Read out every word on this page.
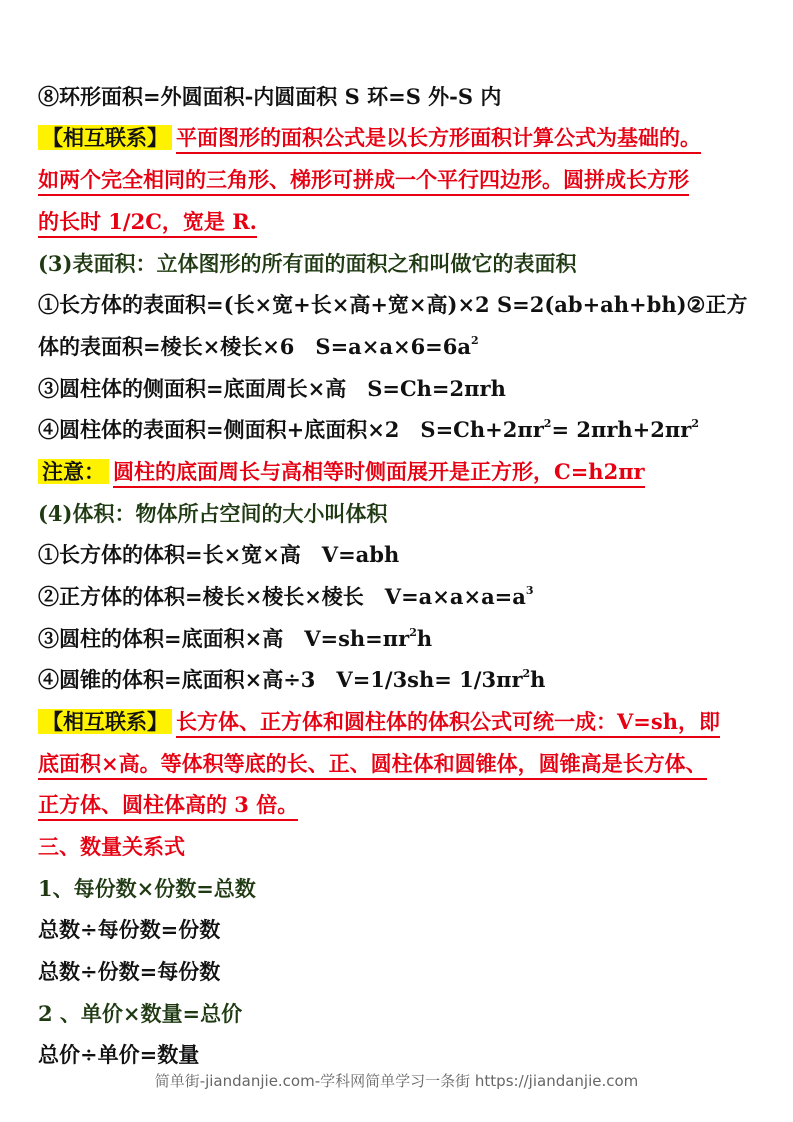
⑧环形面积=外圆面积-内圆面积 S 环=S 外-S 内
【相互联系】 平面图形的面积公式是以长方形面积计算公式为基础的。
如两个完全相同的三角形、梯形可拼成一个平行四边形。圆拼成长方形
的长时 1/2C，宽是 R.
(3)表面积：立体图形的所有面的面积之和叫做它的表面积
①长方体的表面积=(长×宽+长×高+宽×高)×2 S=2(ab+ah+bh)②正方
体的表面积=棱长×棱长×6　$S=a\times a\times 6=6a^2$
③圆柱体的侧面积=底面周长×高　S=Ch=2πrh
④圆柱体的表面积=侧面积+底面积×2　$S=Ch+2\pi r^2= 2\pi rh+2\pi r^2$
注意： 圆柱的底面周长与高相等时侧面展开是正方形，C=h2πr
(4)体积：物体所占空间的大小叫体积
①长方体的体积=长×宽×高　V=abh
②正方体的体积=棱长×棱长×棱长　$V=a\times a\times a=a^3$
③圆柱的体积=底面积×高　$V=sh=\pi r^2h$
④圆锥的体积=底面积×高÷3　$V=1/3sh= 1/3\pi r^2h$
【相互联系】 长方体、正方体和圆柱体的体积公式可统一成：V=sh，即
底面积×高。等体积等底的长、正、圆柱体和圆锥体，圆锥高是长方体、
正方体、圆柱体高的 3 倍。
三、数量关系式
1、每份数×份数=总数
总数÷每份数=份数
总数÷份数=每份数
2 、单价×数量=总价
总价÷单价=数量
简单街-jiandanjie.com-学科网简单学习一条街 https://jiandanjie.com
